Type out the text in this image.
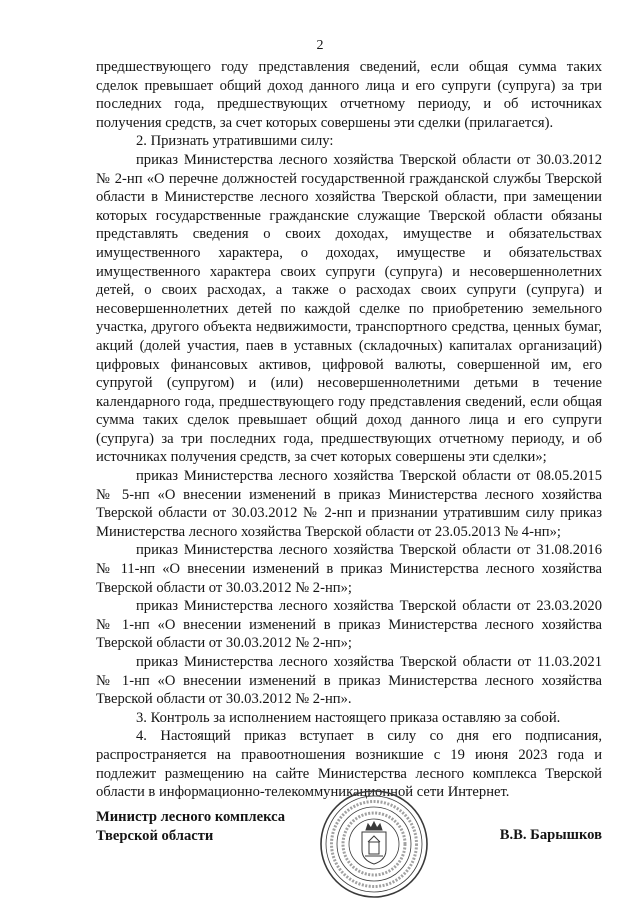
2

предшествующего году представления сведений, если общая сумма таких сделок превышает общий доход данного лица и его супруги (супруга) за три последних года, предшествующих отчетному периоду, и об источниках получения средств, за счет которых совершены эти сделки (прилагается).

2. Признать утратившими силу:

приказ Министерства лесного хозяйства Тверской области от 30.03.2012 № 2-нп «О перечне должностей государственной гражданской службы Тверской области в Министерстве лесного хозяйства Тверской области, при замещении которых государственные гражданские служащие Тверской области обязаны представлять сведения о своих доходах, имуществе и обязательствах имущественного характера, о доходах, имуществе и обязательствах имущественного характера своих супруги (супруга) и несовершеннолетних детей, о своих расходах, а также о расходах своих супруги (супруга) и несовершеннолетних детей по каждой сделке по приобретению земельного участка, другого объекта недвижимости, транспортного средства, ценных бумаг, акций (долей участия, паев в уставных (складочных) капиталах организаций) цифровых финансовых активов, цифровой валюты, совершенной им, его супругой (супругом) и (или) несовершеннолетними детьми в течение календарного года, предшествующего году представления сведений, если общая сумма таких сделок превышает общий доход данного лица и его супруги (супруга) за три последних года, предшествующих отчетному периоду, и об источниках получения средств, за счет которых совершены эти сделки»;

приказ Министерства лесного хозяйства Тверской области от 08.05.2015 № 5-нп «О внесении изменений в приказ Министерства лесного хозяйства Тверской области от 30.03.2012 № 2-нп и признании утратившим силу приказ Министерства лесного хозяйства Тверской области от 23.05.2013 № 4-нп»;

приказ Министерства лесного хозяйства Тверской области от 31.08.2016 № 11-нп «О внесении изменений в приказ Министерства лесного хозяйства Тверской области от 30.03.2012 № 2-нп»;

приказ Министерства лесного хозяйства Тверской области от 23.03.2020 № 1-нп «О внесении изменений в приказ Министерства лесного хозяйства Тверской области от 30.03.2012 № 2-нп»;

приказ Министерства лесного хозяйства Тверской области от 11.03.2021 № 1-нп «О внесении изменений в приказ Министерства лесного хозяйства Тверской области от 30.03.2012 № 2-нп».

3. Контроль за исполнением настоящего приказа оставляю за собой.

4. Настоящий приказ вступает в силу со дня его подписания, распространяется на правоотношения возникшие с 19 июня 2023 года и подлежит размещению на сайте Министерства лесного комплекса Тверской области в информационно-телекоммуникационной сети Интернет.

Министр лесного комплекса
Тверской области	В.В. Барышков
